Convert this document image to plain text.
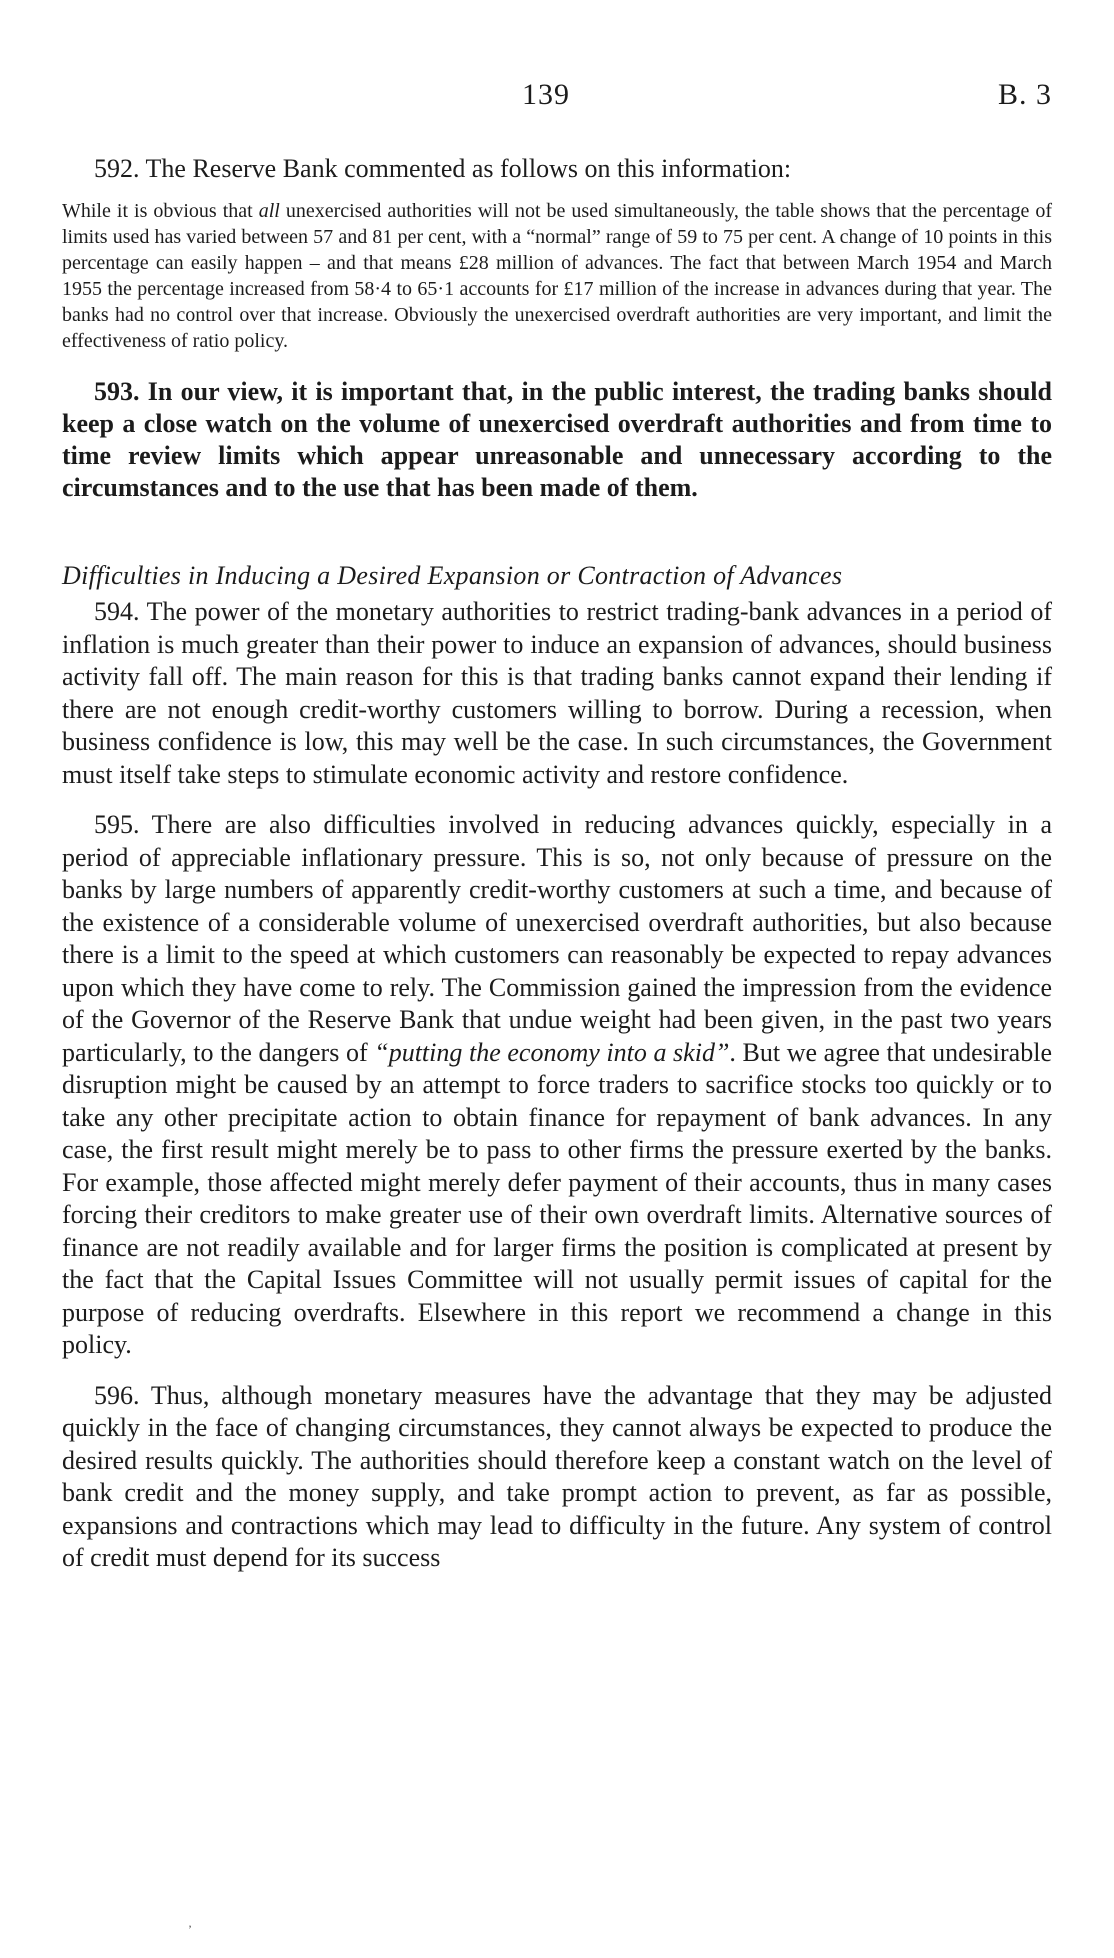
139	B. 3

592. The Reserve Bank commented as follows on this information:

While it is obvious that all unexercised authorities will not be used simultaneously, the table shows that the percentage of limits used has varied between 57 and 81 per cent, with a “normal” range of 59 to 75 per cent. A change of 10 points in this percentage can easily happen – and that means £28 million of advances. The fact that between March 1954 and March 1955 the percentage increased from 58·4 to 65·1 accounts for £17 million of the increase in advances during that year. The banks had no control over that increase. Obviously the unexercised overdraft authorities are very important, and limit the effectiveness of ratio policy.

593. In our view, it is important that, in the public interest, the trading banks should keep a close watch on the volume of unexercised overdraft authorities and from time to time review limits which appear unreasonable and unnecessary according to the circumstances and to the use that has been made of them.

Difficulties in Inducing a Desired Expansion or Contraction of Advances

594. The power of the monetary authorities to restrict trading-bank advances in a period of inflation is much greater than their power to induce an expansion of advances, should business activity fall off. The main reason for this is that trading banks cannot expand their lending if there are not enough credit-worthy customers willing to borrow. During a recession, when business confidence is low, this may well be the case. In such circumstances, the Government must itself take steps to stimulate economic activity and restore confidence.

595. There are also difficulties involved in reducing advances quickly, especially in a period of appreciable inflationary pressure. This is so, not only because of pressure on the banks by large numbers of apparently credit-worthy customers at such a time, and because of the existence of a considerable volume of unexercised overdraft authorities, but also because there is a limit to the speed at which customers can reasonably be expected to repay advances upon which they have come to rely. The Commission gained the impression from the evidence of the Governor of the Reserve Bank that undue weight had been given, in the past two years particularly, to the dangers of “putting the economy into a skid”. But we agree that undesirable disruption might be caused by an attempt to force traders to sacrifice stocks too quickly or to take any other precipitate action to obtain finance for repayment of bank advances. In any case, the first result might merely be to pass to other firms the pressure exerted by the banks. For example, those affected might merely defer payment of their accounts, thus in many cases forcing their creditors to make greater use of their own overdraft limits. Alternative sources of finance are not readily available and for larger firms the position is complicated at present by the fact that the Capital Issues Committee will not usually permit issues of capital for the purpose of reducing overdrafts. Elsewhere in this report we recommend a change in this policy.

596. Thus, although monetary measures have the advantage that they may be adjusted quickly in the face of changing circumstances, they cannot always be expected to produce the desired results quickly. The authorities should therefore keep a constant watch on the level of bank credit and the money supply, and take prompt action to prevent, as far as possible, expansions and contractions which may lead to difficulty in the future. Any system of control of credit must depend for its success

’
